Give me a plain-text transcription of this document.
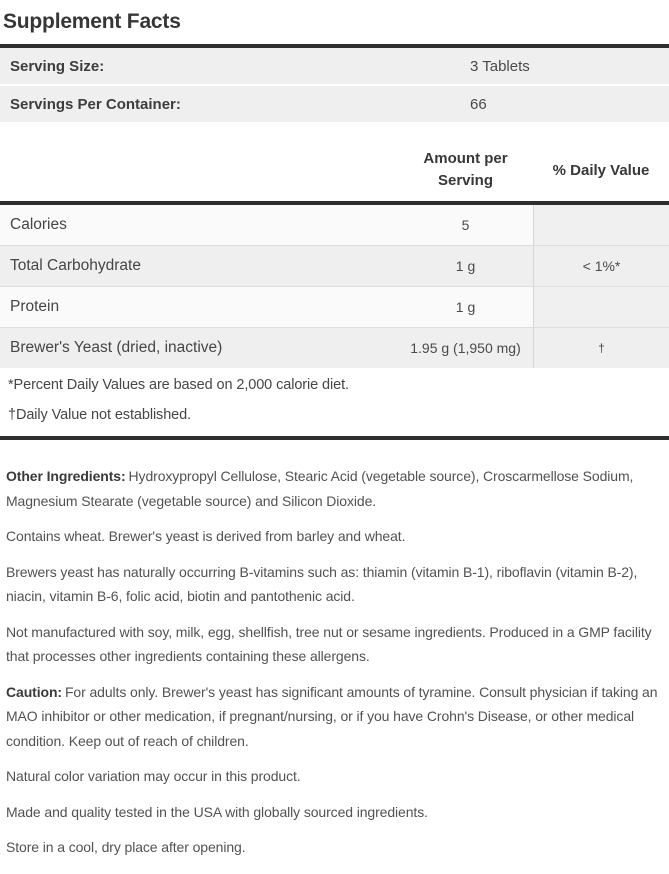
Supplement Facts
Serving Size:	3 Tablets
Servings Per Container:	66
Amount per Serving
% Daily Value
Calories	5
Total Carbohydrate	1 g	< 1%*
Protein	1 g
Brewer's Yeast (dried, inactive)	1.95 g (1,950 mg)	†

*Percent Daily Values are based on 2,000 calorie diet.

†Daily Value not established.

Other Ingredients: Hydroxypropyl Cellulose, Stearic Acid (vegetable source), Croscarmellose Sodium, Magnesium Stearate (vegetable source) and Silicon Dioxide.

Contains wheat. Brewer's yeast is derived from barley and wheat.

Brewers yeast has naturally occurring B-vitamins such as: thiamin (vitamin B-1), riboflavin (vitamin B-2), niacin, vitamin B-6, folic acid, biotin and pantothenic acid.

Not manufactured with soy, milk, egg, shellfish, tree nut or sesame ingredients. Produced in a GMP facility that processes other ingredients containing these allergens.

Caution: For adults only. Brewer's yeast has significant amounts of tyramine. Consult physician if taking an MAO inhibitor or other medication, if pregnant/nursing, or if you have Crohn's Disease, or other medical condition. Keep out of reach of children.

Natural color variation may occur in this product.

Made and quality tested in the USA with globally sourced ingredients.

Store in a cool, dry place after opening.
